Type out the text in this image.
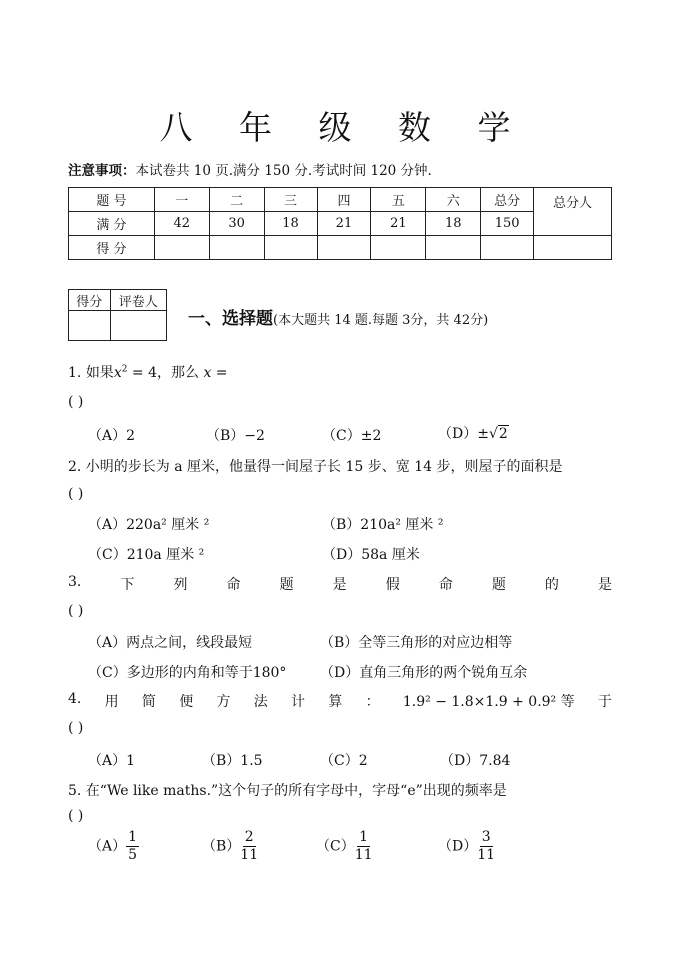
八 年 级 数 学
注意事项：本试卷共 10 页.满分 150 分.考试时间 120 分钟.
题 号	一	二	三	四	五	六	总分	总分人
满 分	42	30	18	21	21	18	150	
得 分								
得分	评卷人

一、选择题(本大题共 14 题.每题 3分，共 42分)
1. 如果$x^2 = 4$，那么 x =
( )
（A）2	（B）−2	（C）±2	（D）±√2
2. 小明的步长为 a 厘米，他量得一间屋子长 15 步、宽 14 步，则屋子的面积是
( )
（A）220a² 厘米 ²	（B）210a² 厘米 ²
（C）210a 厘米 ²	（D）58a 厘米
3.	下	列	命	题	是	假	命	题	的	是
( )
（A）两点之间，线段最短	（B）全等三角形的对应边相等
（C）多边形的内角和等于180° （D）直角三角形的两个锐角互余
4. 用 简 便 方 法 计 算 ： 1.9² − 1.8×1.9 + 0.9² 等 于
( )
（A）1	（B）1.5	（C）2	（D）7.84
5. 在“We like maths.”这个句子的所有字母中，字母“e”出现的频率是
( )
$(A) \frac{1}{5}$	$(B) \frac{2}{11}$	$(C) \frac{1}{11}$	$(D) \frac{3}{11}$
